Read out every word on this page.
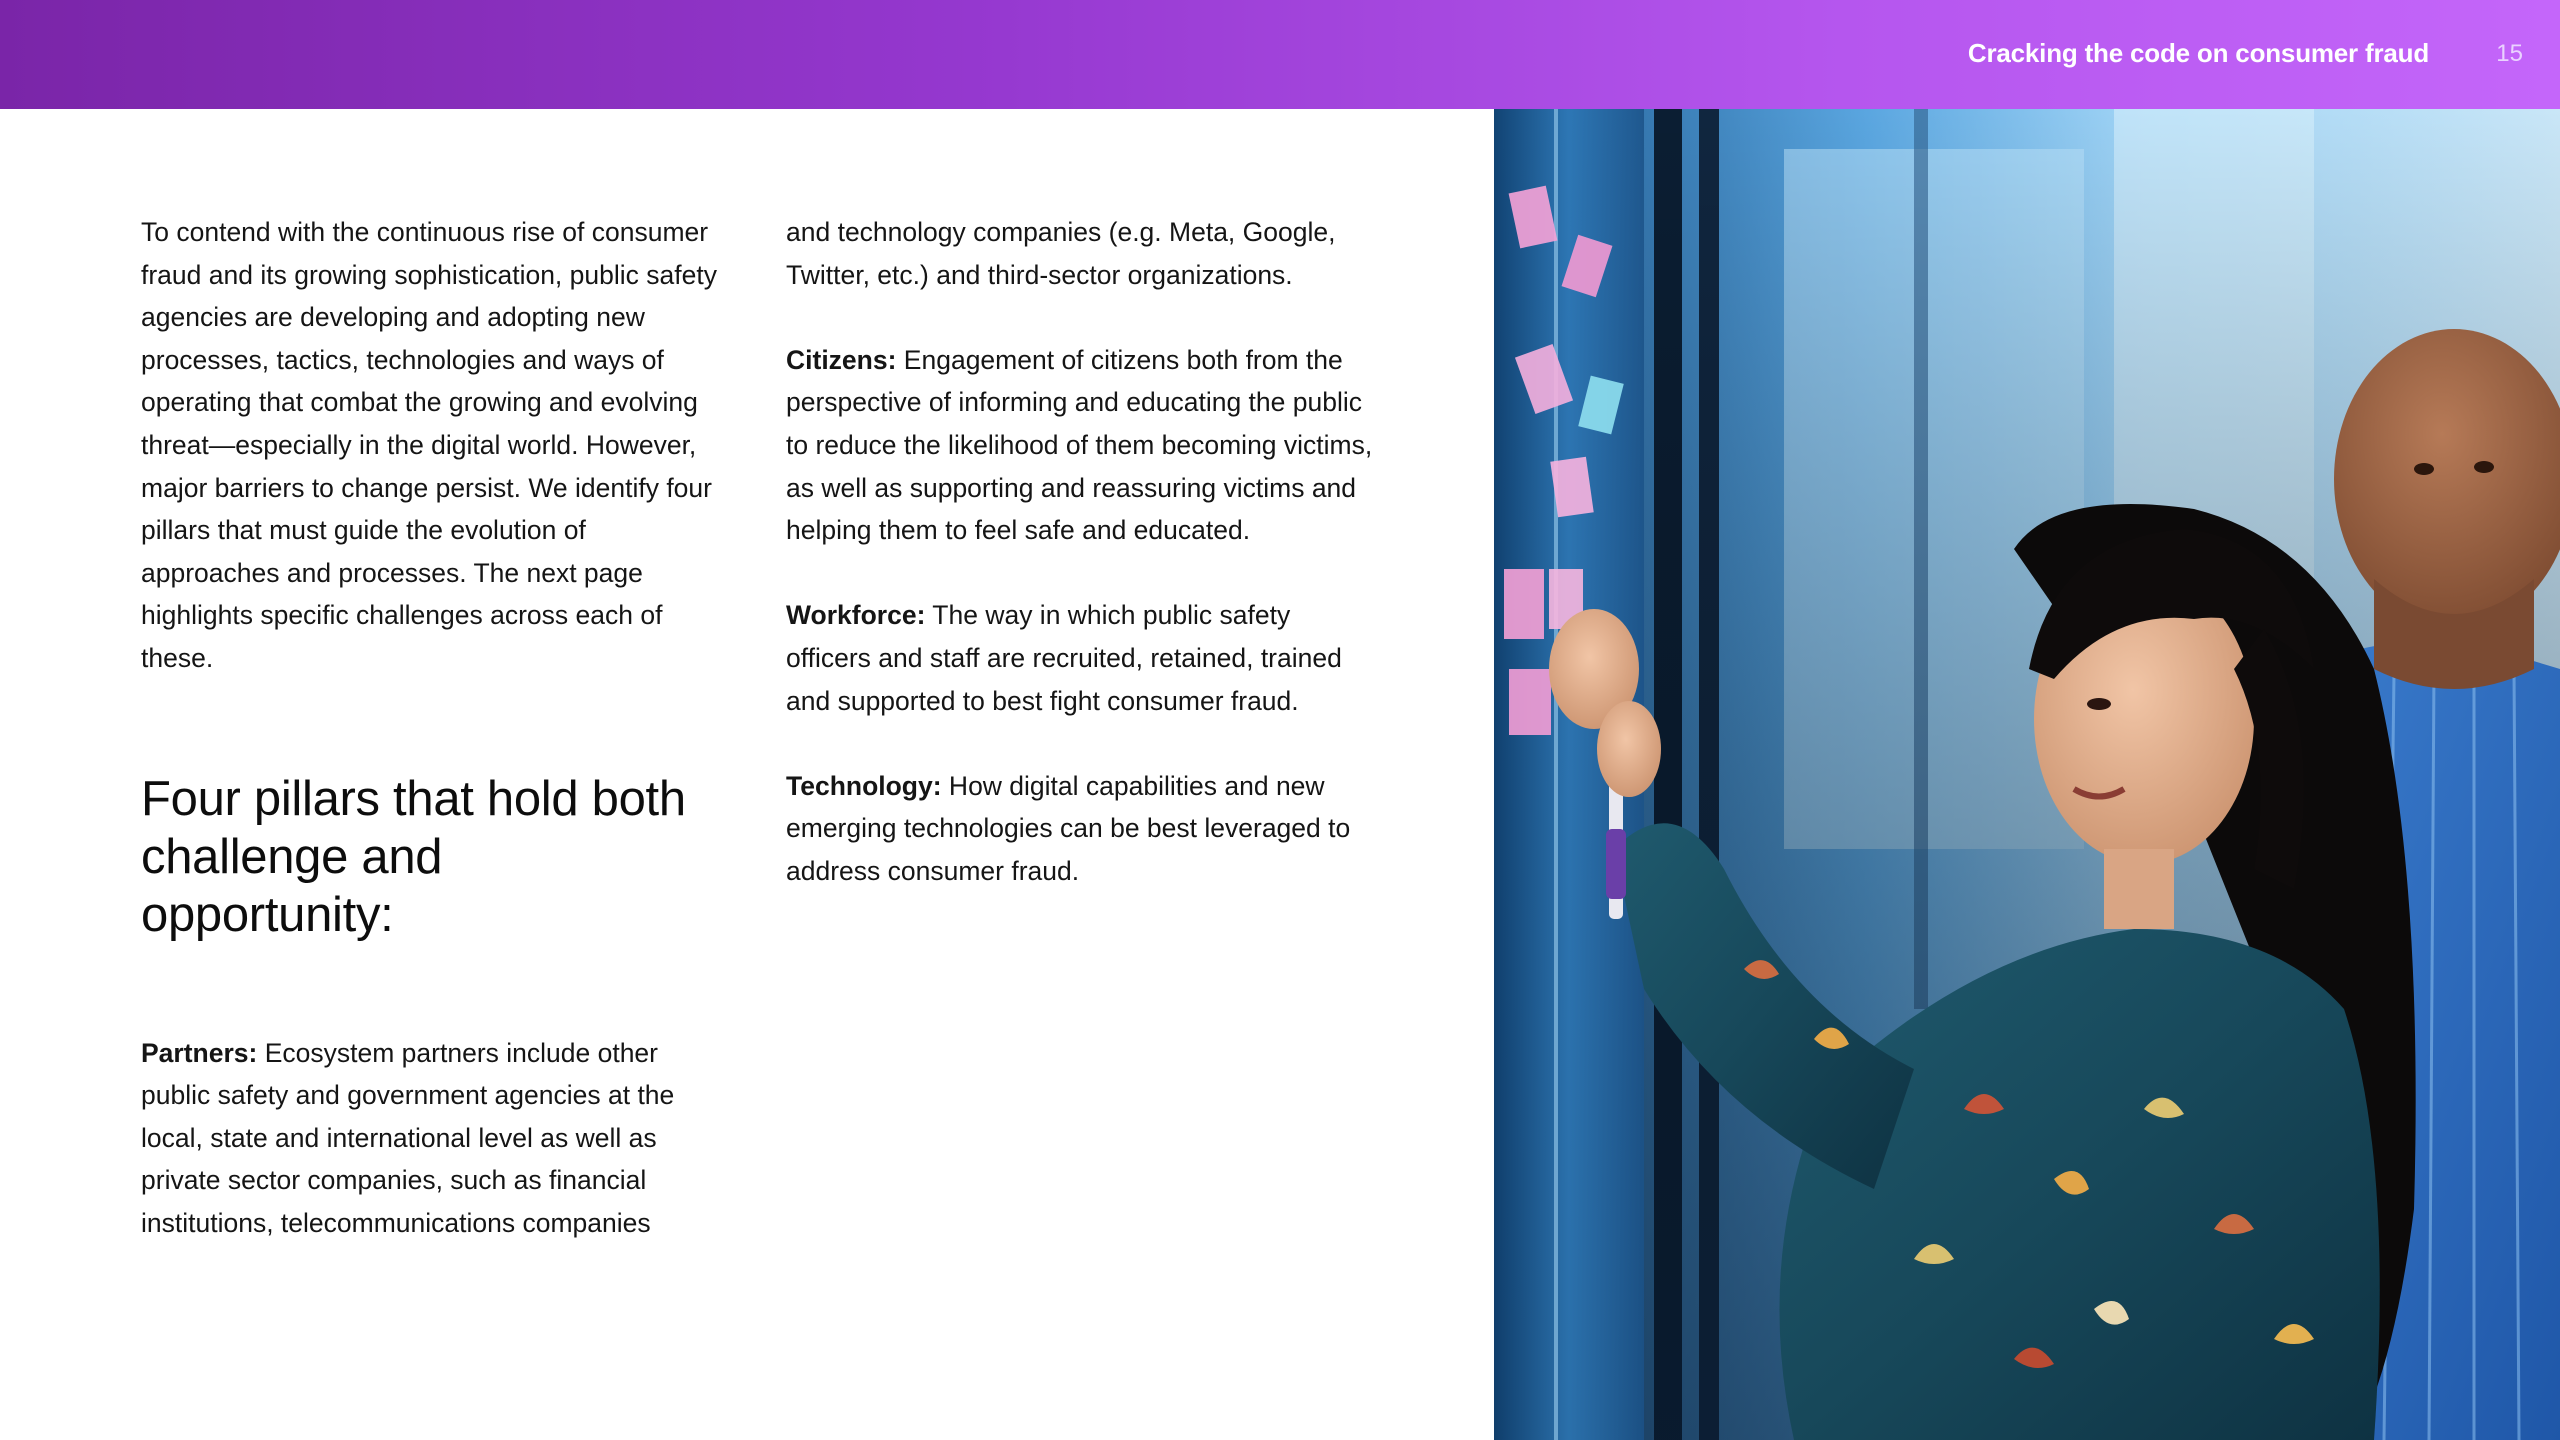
Cracking the code on consumer fraud	15

To contend with the continuous rise of consumer fraud and its growing sophistication, public safety agencies are developing and adopting new processes, tactics, technologies and ways of operating that combat the growing and evolving threat—especially in the digital world. However, major barriers to change persist. We identify four pillars that must guide the evolution of approaches and processes. The next page highlights specific challenges across each of these.

Four pillars that hold both challenge and opportunity:

Partners: Ecosystem partners include other public safety and government agencies at the local, state and international level as well as private sector companies, such as financial institutions, telecommunications companies

and technology companies (e.g. Meta, Google, Twitter, etc.) and third-sector organizations.

Citizens: Engagement of citizens both from the perspective of informing and educating the public to reduce the likelihood of them becoming victims, as well as supporting and reassuring victims and helping them to feel safe and educated.

Workforce: The way in which public safety officers and staff are recruited, retained, trained and supported to best fight consumer fraud.

Technology: How digital capabilities and new emerging technologies can be best leveraged to address consumer fraud.
